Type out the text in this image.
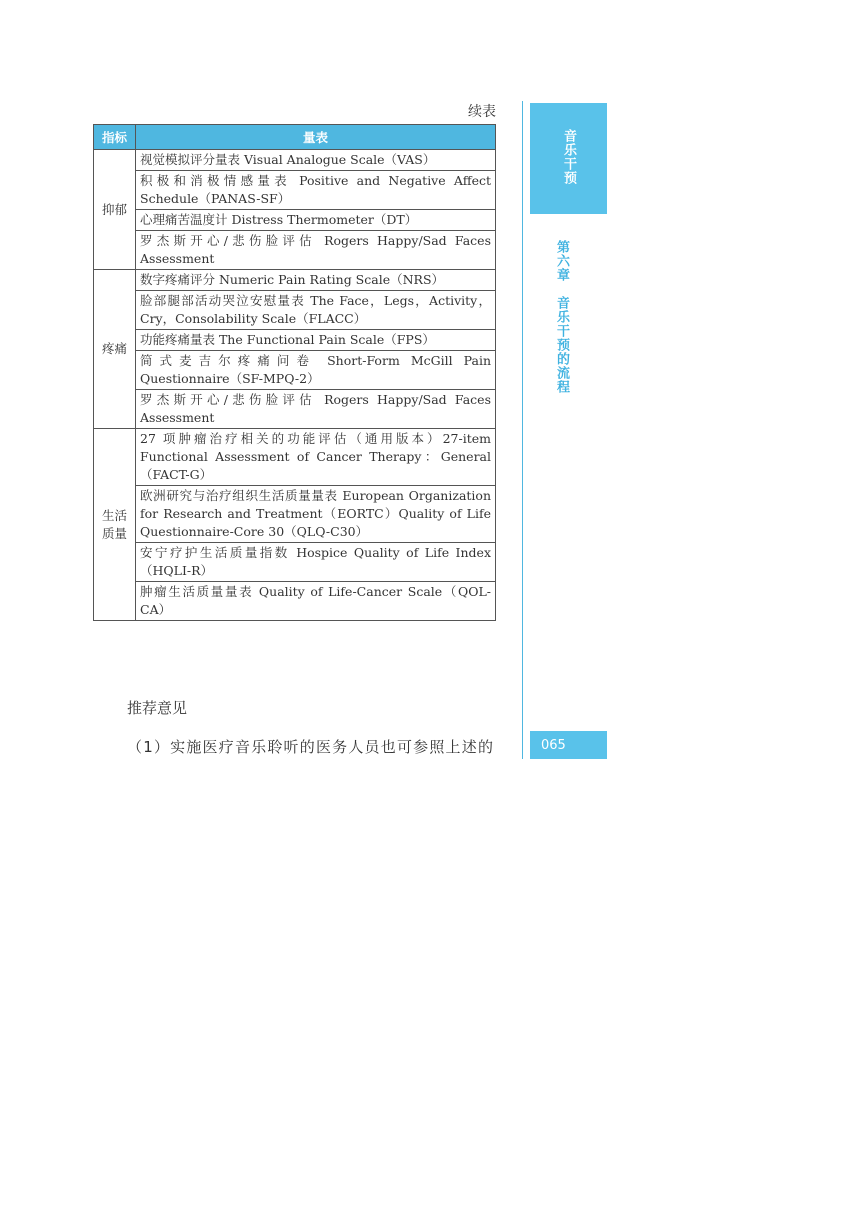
续表
指标	量表
抑郁	视觉模拟评分量表 Visual Analogue Scale（VAS）
	积极和消极情感量表 Positive and Negative Affect Schedule（PANAS-SF）
	心理痛苦温度计 Distress Thermometer（DT）
	罗杰斯开心/悲伤脸评估 Rogers Happy/Sad Faces Assessment
疼痛	数字疼痛评分 Numeric Pain Rating Scale（NRS）
	脸部腿部活动哭泣安慰量表 The Face，Legs，Activity，Cry，Consolability Scale（FLACC）
	功能疼痛量表 The Functional Pain Scale（FPS）
	简式麦吉尔疼痛问卷 Short-Form McGill Pain Questionnaire（SF-MPQ-2）
	罗杰斯开心/悲伤脸评估 Rogers Happy/Sad Faces Assessment
生活质量	27 项肿瘤治疗相关的功能评估（通用版本）27-item Functional Assessment of Cancer Therapy：General（FACT-G）
	欧洲研究与治疗组织生活质量量表 European Organization for Research and Treatment（EORTC）Quality of Life Questionnaire-Core 30（QLQ-C30）
	安宁疗护生活质量指数 Hospice Quality of Life Index（HQLI-R）
	肿瘤生活质量量表 Quality of Life-Cancer Scale（QOL-CA）
推荐意见
（1）实施医疗音乐聆听的医务人员也可参照上述的
音乐干预
第六章　音乐干预的流程
065
